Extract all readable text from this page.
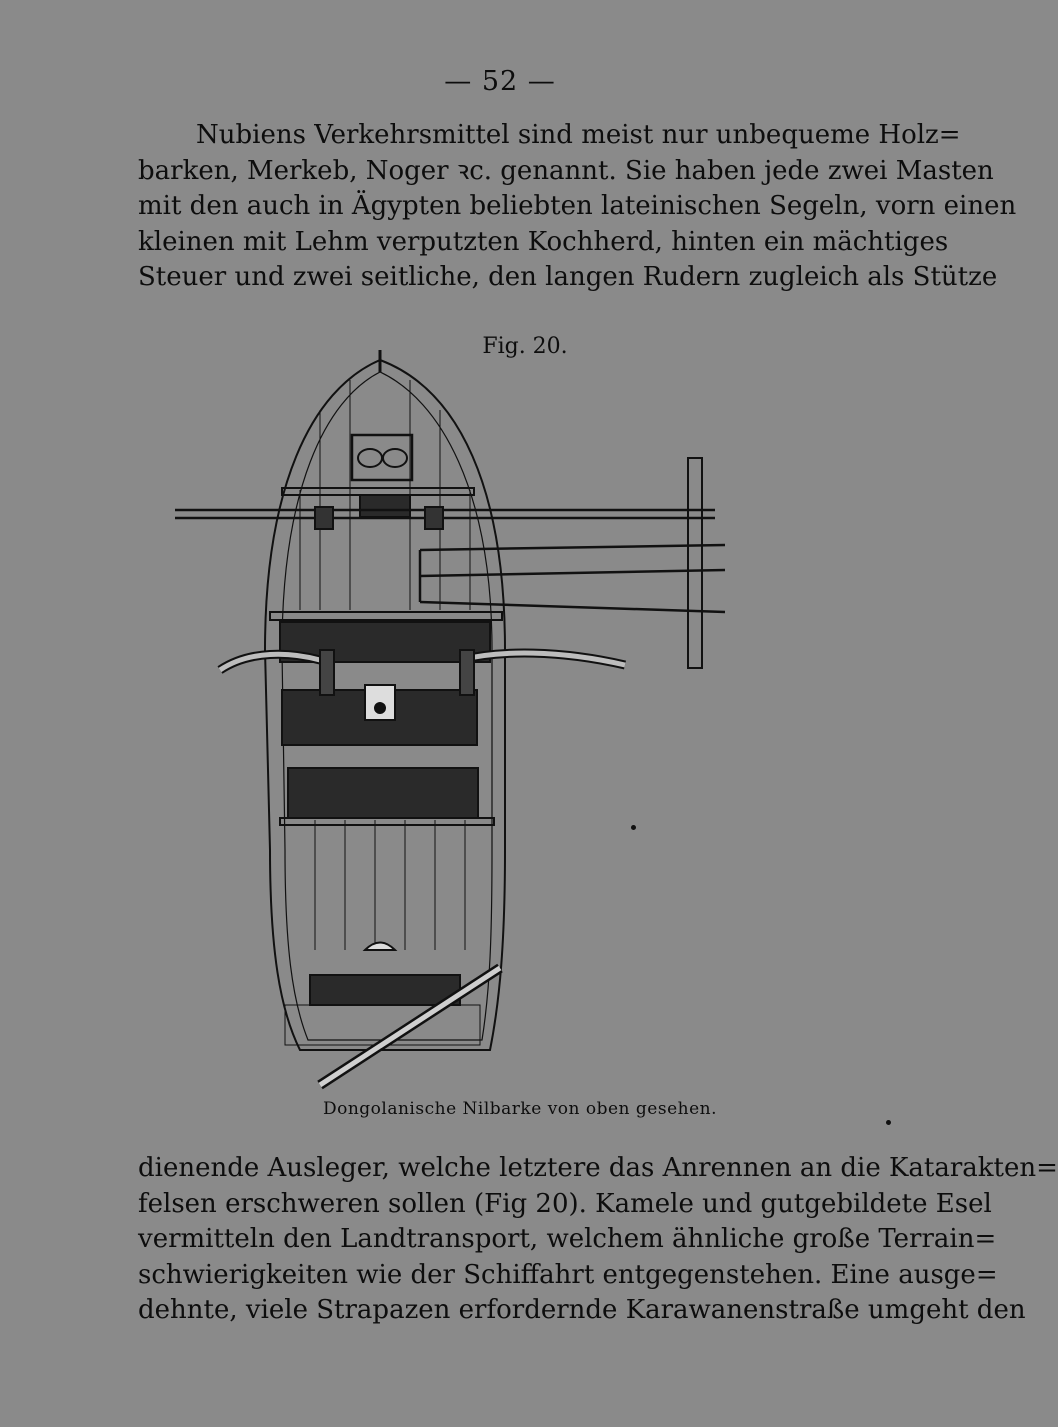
— 52 —
Nubiens Verkehrsmittel sind meist nur unbequeme Holz=
barken, Merkeb, Noger ꝛc. genannt. Sie haben jede zwei Masten
mit den auch in Ägypten beliebten lateinischen Segeln, vorn einen
kleinen mit Lehm verputzten Kochherd, hinten ein mächtiges
Steuer und zwei seitliche, den langen Rudern zugleich als Stütze
Fig. 20.
Dongolanische Nilbarke von oben gesehen.
dienende Ausleger, welche letztere das Anrennen an die Katarakten=
felsen erschweren sollen (Fig 20). Kamele und gutgebildete Esel
vermitteln den Landtransport, welchem ähnliche große Terrain=
schwierigkeiten wie der Schiffahrt entgegenstehen. Eine ausge=
dehnte, viele Strapazen erfordernde Karawanenstraße umgeht den
